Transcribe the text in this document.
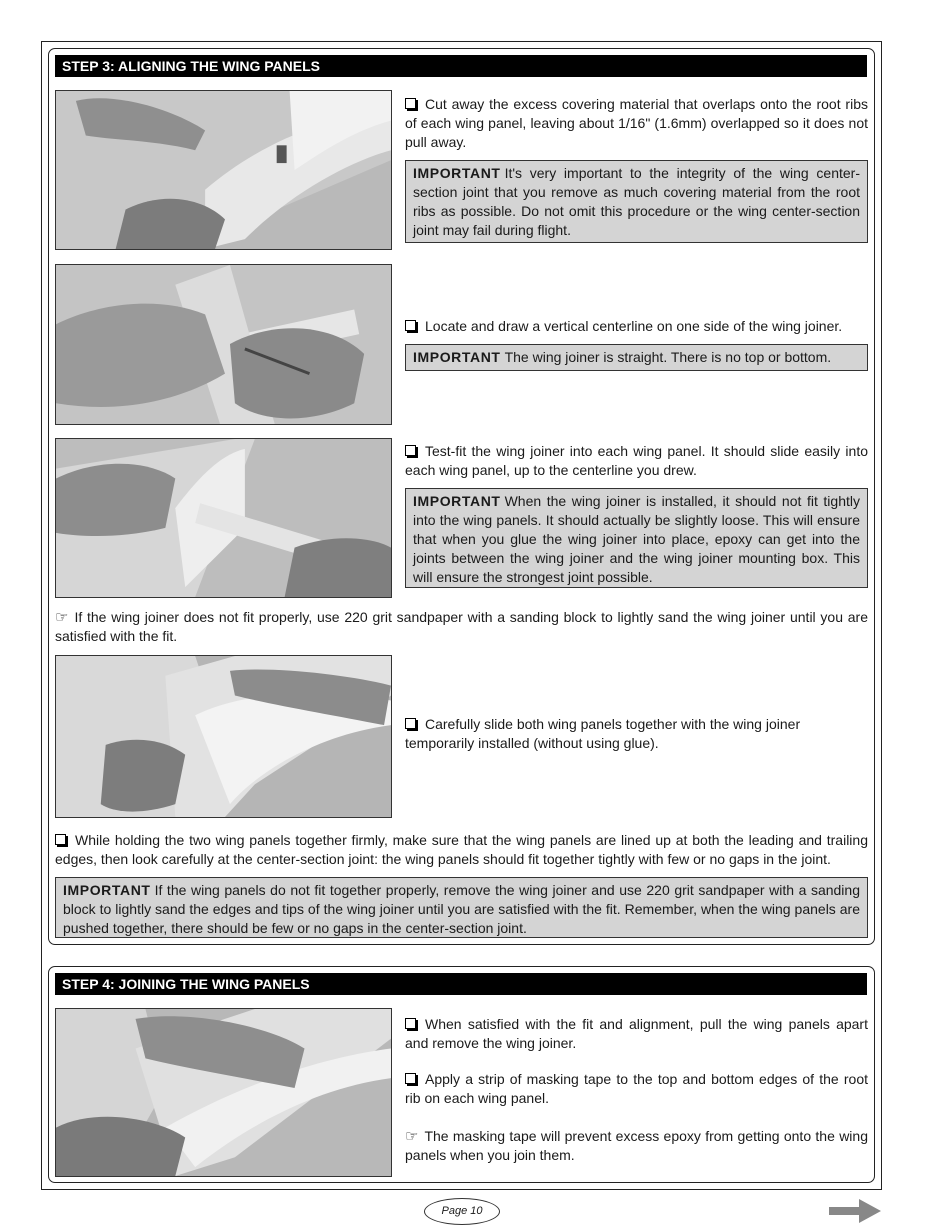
STEP 3: ALIGNING THE WING PANELS
Cut away the excess covering material that overlaps onto the root ribs of each wing panel, leaving about 1/16" (1.6mm) overlapped so it does not pull away.
IMPORTANT It's very important to the integrity of the wing center-section joint that you remove as much covering material from the root ribs as possible. Do not omit this procedure or the wing center-section joint may fail during flight.
Locate and draw a vertical centerline on one side of the wing joiner.
IMPORTANT The wing joiner is straight. There is no top or bottom.
Test-fit the wing joiner into each wing panel. It should slide easily into each wing panel, up to the centerline you drew.
IMPORTANT When the wing joiner is installed, it should not fit tightly into the wing panels. It should actually be slightly loose. This will ensure that when you glue the wing joiner into place, epoxy can get into the joints between the wing joiner and the wing joiner mounting box. This will ensure the strongest joint possible.
☞ If the wing joiner does not fit properly, use 220 grit sandpaper with a sanding block to lightly sand the wing joiner until you are satisfied with the fit.
Carefully slide both wing panels together with the wing joiner temporarily installed (without using glue).
While holding the two wing panels together firmly, make sure that the wing panels are lined up at both the leading and trailing edges, then look carefully at the center-section joint: the wing panels should fit together tightly with few or no gaps in the joint.
IMPORTANT If the wing panels do not fit together properly, remove the wing joiner and use 220 grit sandpaper with a sanding block to lightly sand the edges and tips of the wing joiner until you are satisfied with the fit. Remember, when the wing panels are pushed together, there should be few or no gaps in the center-section joint.
STEP 4: JOINING THE WING PANELS
When satisfied with the fit and alignment, pull the wing panels apart and remove the wing joiner.
Apply a strip of masking tape to the top and bottom edges of the root rib on each wing panel.
☞ The masking tape will prevent excess epoxy from getting onto the wing panels when you join them.
Page 10
